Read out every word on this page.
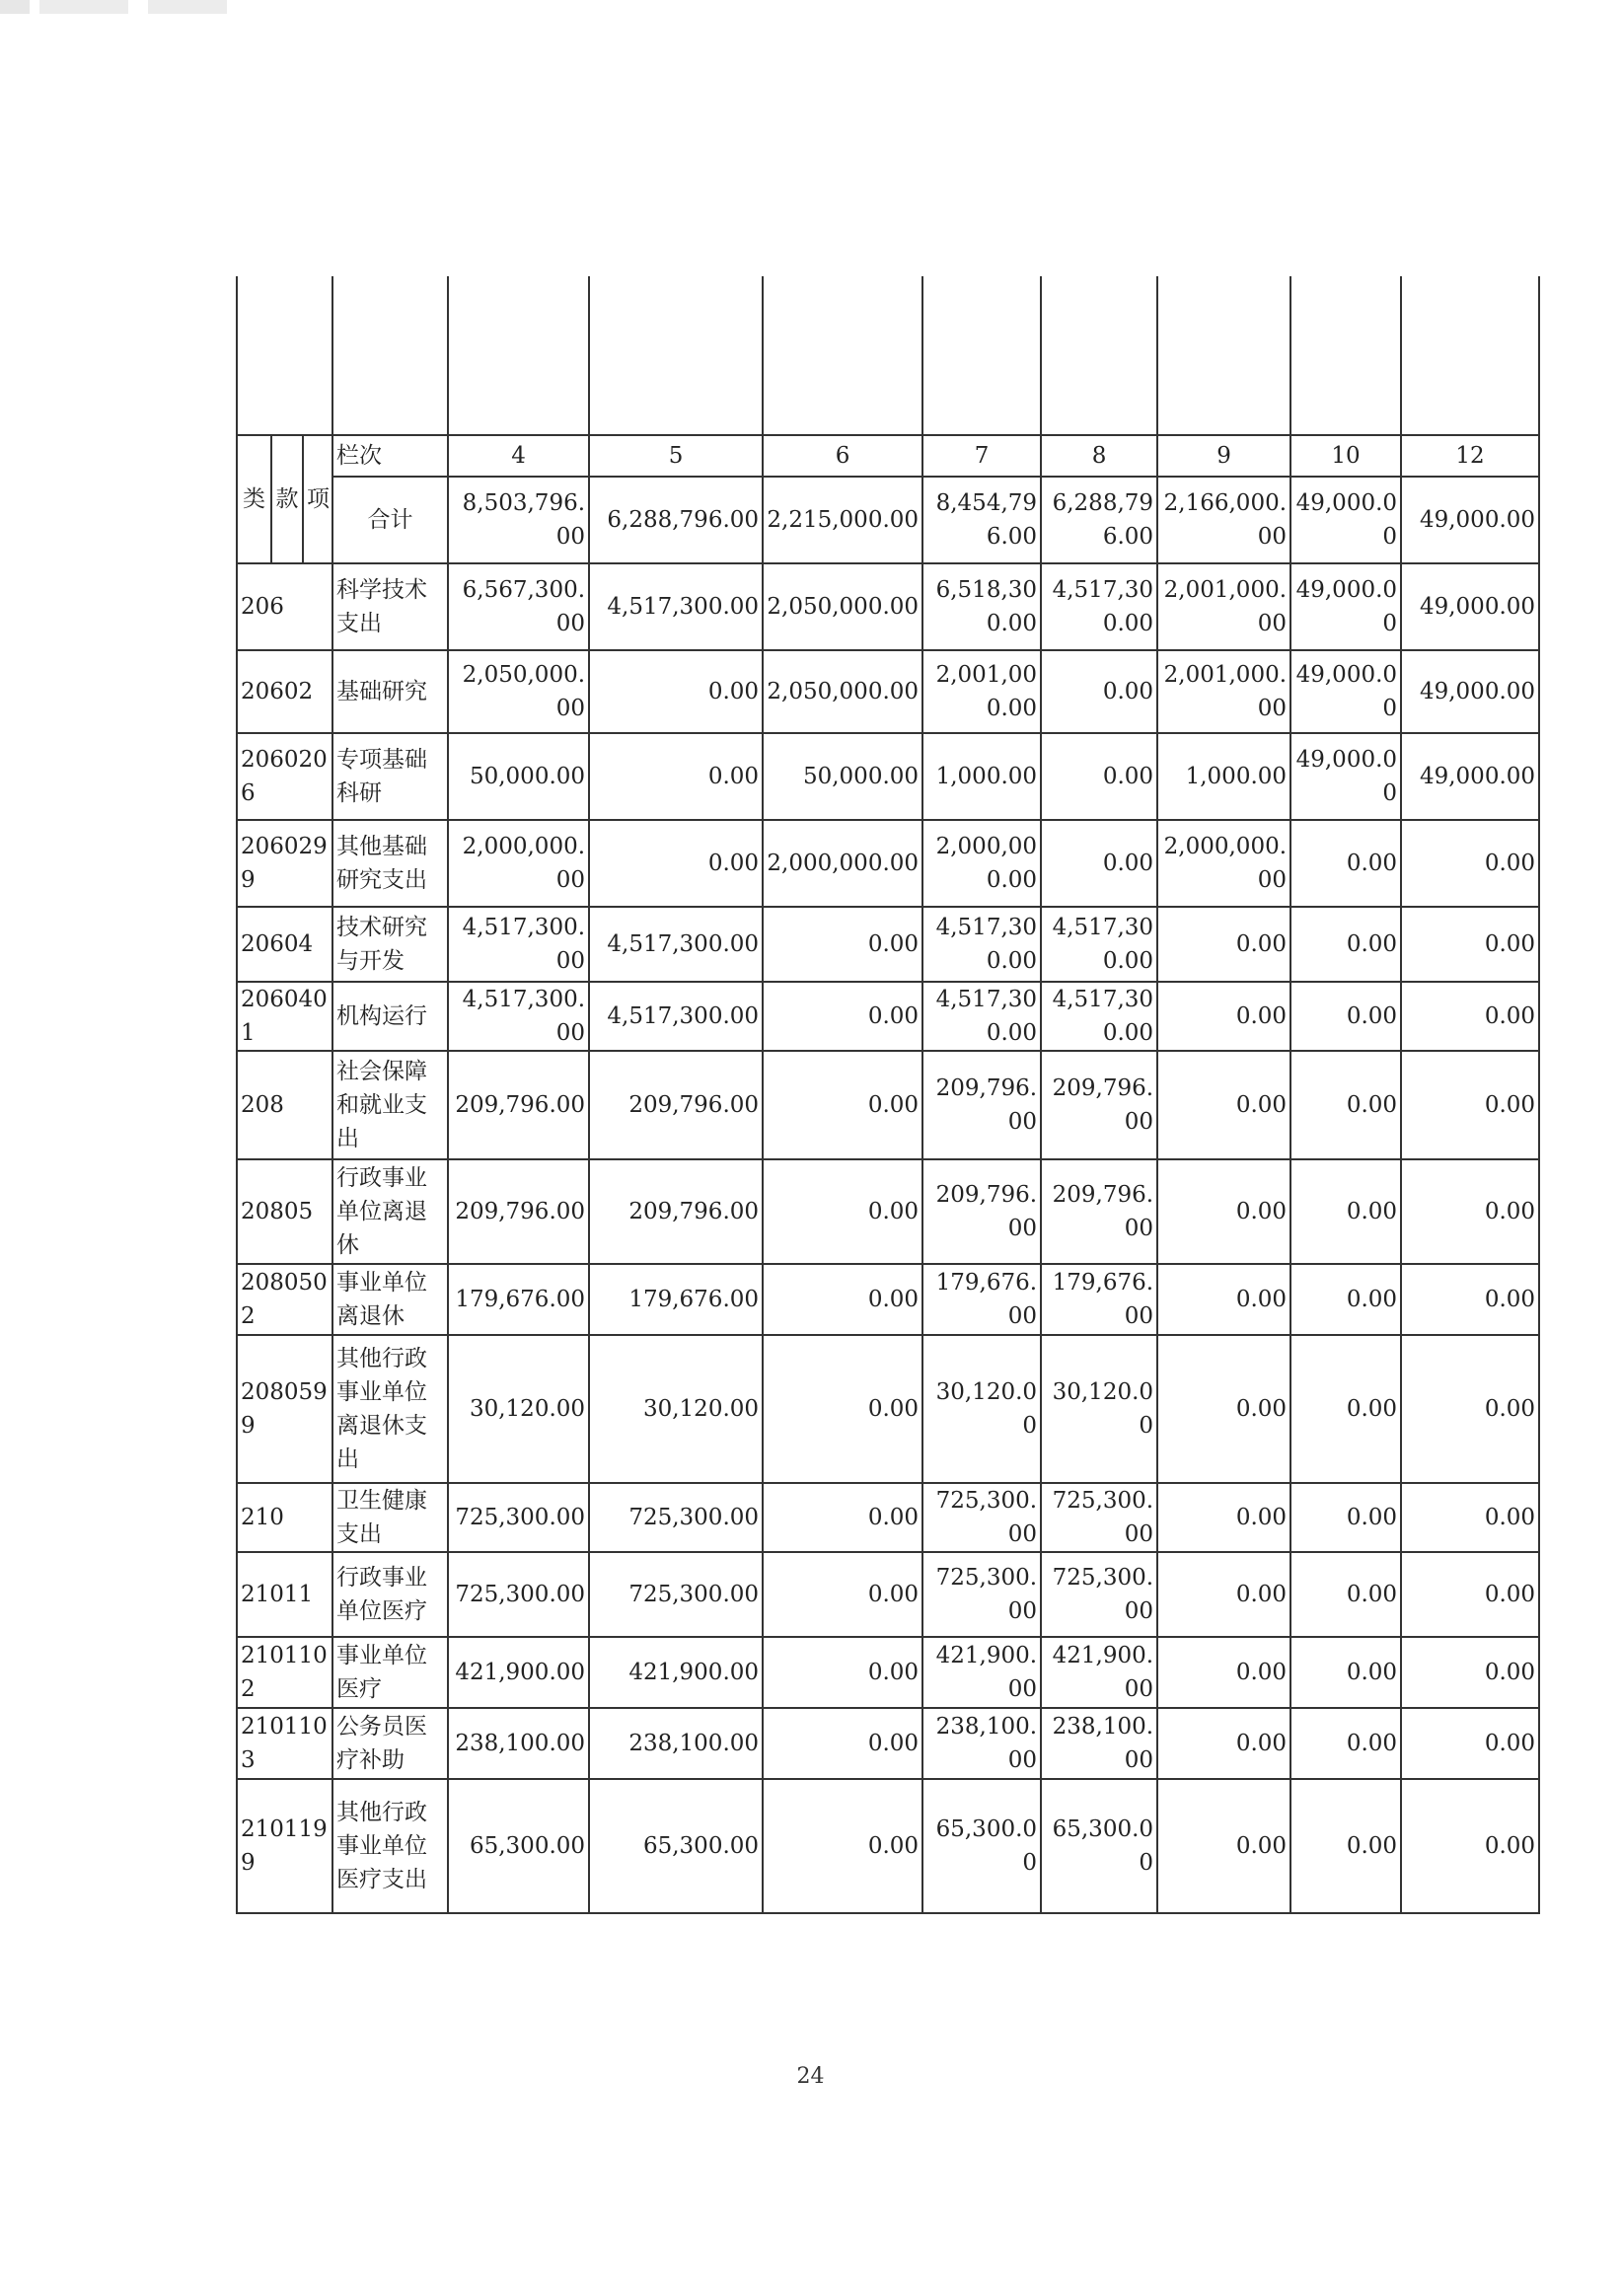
类	款	项	栏次	4	5	6	7	8	9	10	12
			合计	8,503,796.00	6,288,796.00	2,215,000.00	8,454,796.00	6,288,796.00	2,166,000.00	49,000.00	49,000.00
206			科学技术支出	6,567,300.00	4,517,300.00	2,050,000.00	6,518,300.00	4,517,300.00	2,001,000.00	49,000.00	49,000.00
20602			基础研究	2,050,000.00	0.00	2,050,000.00	2,001,000.00	0.00	2,001,000.00	49,000.00	49,000.00
2060206			专项基础科研	50,000.00	0.00	50,000.00	1,000.00	0.00	1,000.00	49,000.00	49,000.00
2060299			其他基础研究支出	2,000,000.00	0.00	2,000,000.00	2,000,000.00	0.00	2,000,000.00	0.00	0.00
20604			技术研究与开发	4,517,300.00	4,517,300.00	0.00	4,517,300.00	4,517,300.00	0.00	0.00	0.00
2060401			机构运行	4,517,300.00	4,517,300.00	0.00	4,517,300.00	4,517,300.00	0.00	0.00	0.00
208			社会保障和就业支出	209,796.00	209,796.00	0.00	209,796.00	209,796.00	0.00	0.00	0.00
20805			行政事业单位离退休	209,796.00	209,796.00	0.00	209,796.00	209,796.00	0.00	0.00	0.00
2080502			事业单位离退休	179,676.00	179,676.00	0.00	179,676.00	179,676.00	0.00	0.00	0.00
2080599			其他行政事业单位离退休支出	30,120.00	30,120.00	0.00	30,120.00	30,120.00	0.00	0.00	0.00
210			卫生健康支出	725,300.00	725,300.00	0.00	725,300.00	725,300.00	0.00	0.00	0.00
21011			行政事业单位医疗	725,300.00	725,300.00	0.00	725,300.00	725,300.00	0.00	0.00	0.00
2101102			事业单位医疗	421,900.00	421,900.00	0.00	421,900.00	421,900.00	0.00	0.00	0.00
2101103			公务员医疗补助	238,100.00	238,100.00	0.00	238,100.00	238,100.00	0.00	0.00	0.00
2101199			其他行政事业单位医疗支出	65,300.00	65,300.00	0.00	65,300.00	65,300.00	0.00	0.00	0.00
24
